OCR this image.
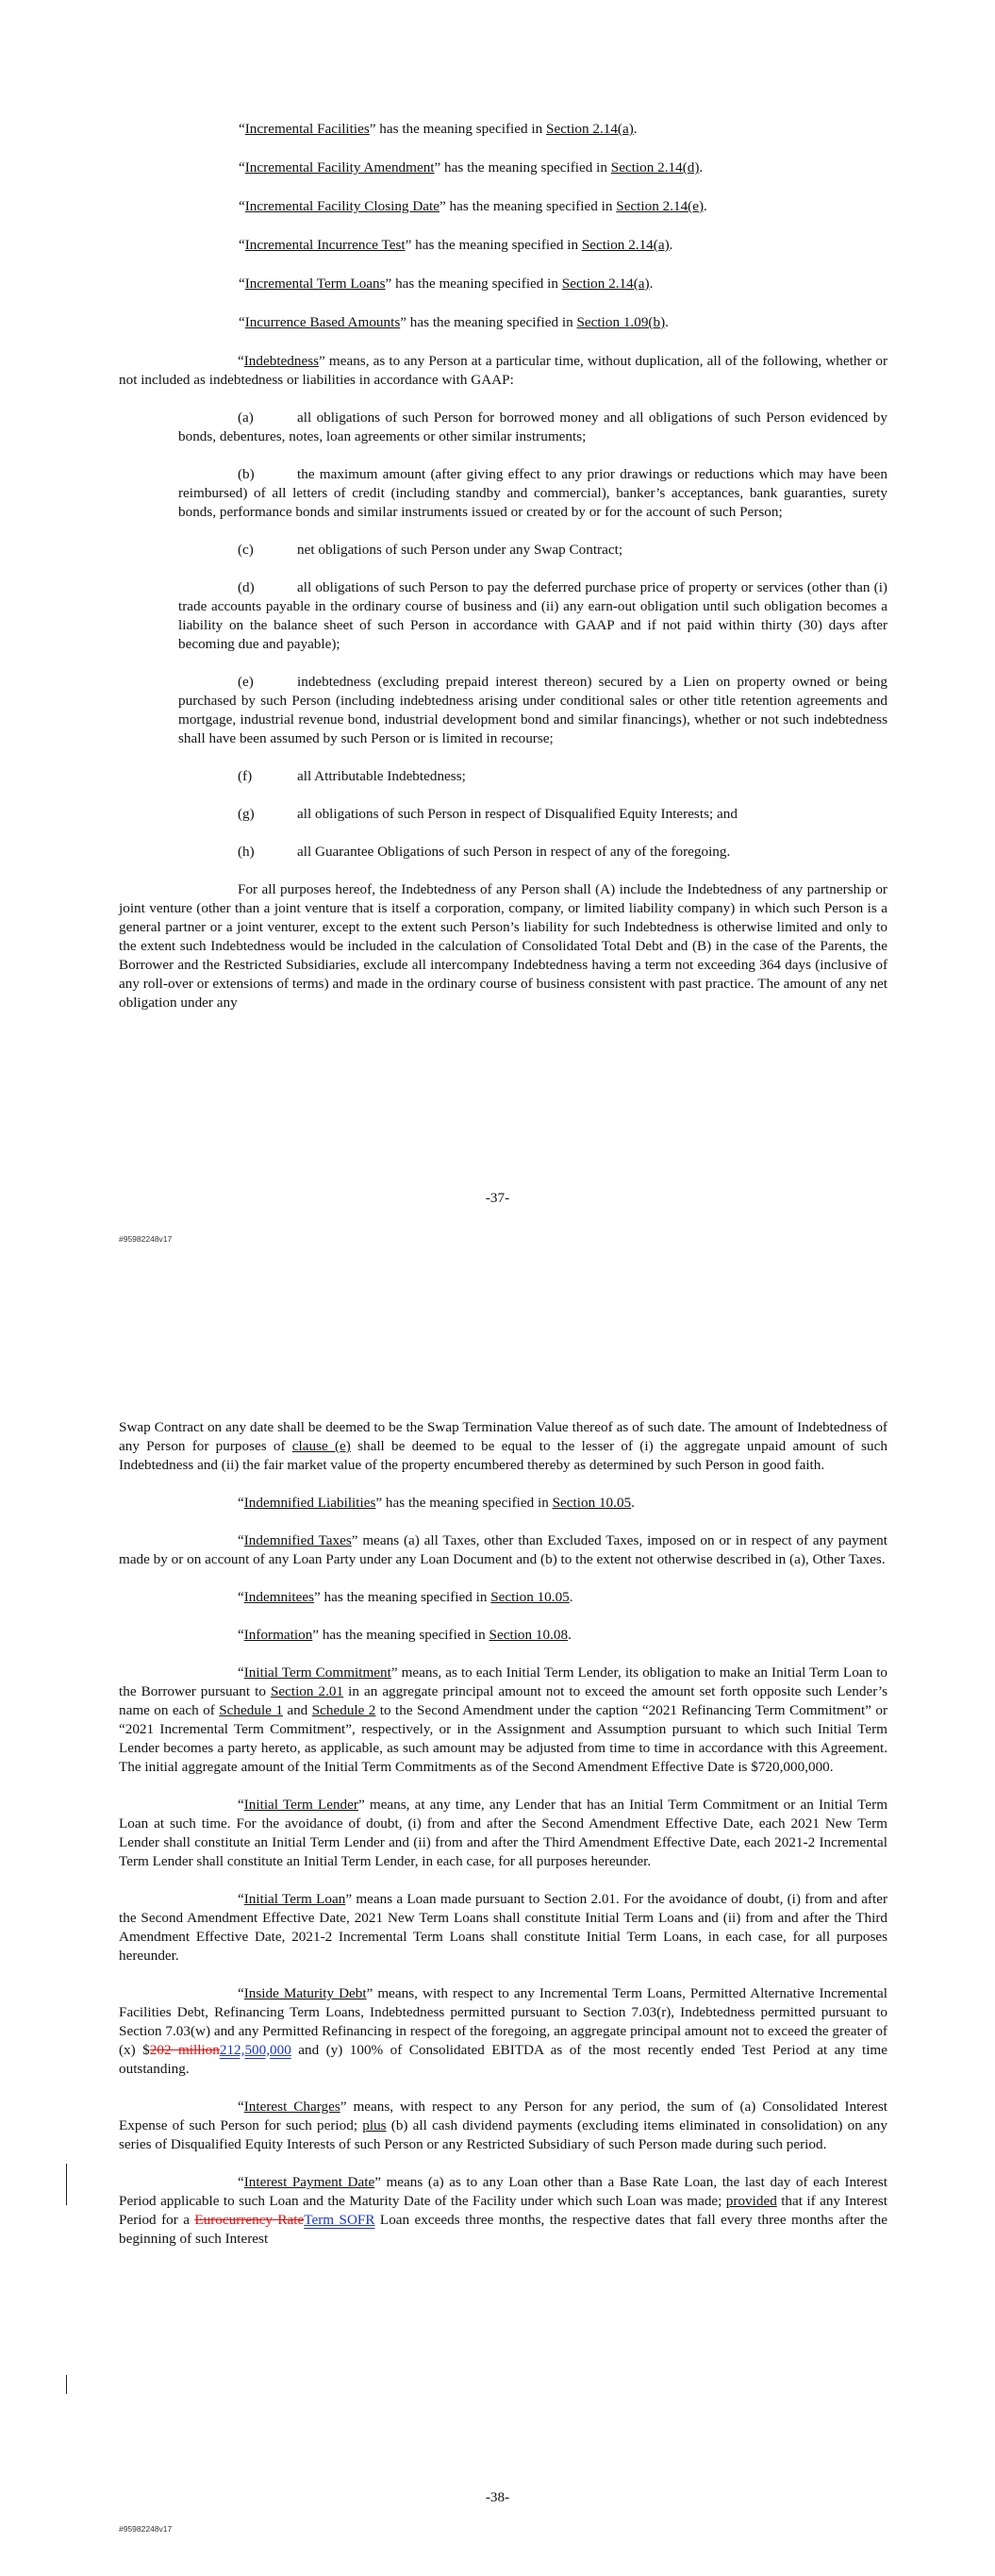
“Incremental Facilities” has the meaning specified in Section 2.14(a).

“Incremental Facility Amendment” has the meaning specified in Section 2.14(d).

“Incremental Facility Closing Date” has the meaning specified in Section 2.14(e).

“Incremental Incurrence Test” has the meaning specified in Section 2.14(a).

“Incremental Term Loans” has the meaning specified in Section 2.14(a).

“Incurrence Based Amounts” has the meaning specified in Section 1.09(b).

“Indebtedness” means, as to any Person at a particular time, without duplication, all of the following, whether or not included as indebtedness or liabilities in accordance with GAAP:

(a)	all obligations of such Person for borrowed money and all obligations of such Person evidenced by bonds, debentures, notes, loan agreements or other similar instruments;

(b)	the maximum amount (after giving effect to any prior drawings or reductions which may have been reimbursed) of all letters of credit (including standby and commercial), banker’s acceptances, bank guaranties, surety bonds, performance bonds and similar instruments issued or created by or for the account of such Person;

(c)	net obligations of such Person under any Swap Contract;

(d)	all obligations of such Person to pay the deferred purchase price of property or services (other than (i) trade accounts payable in the ordinary course of business and (ii) any earn-out obligation until such obligation becomes a liability on the balance sheet of such Person in accordance with GAAP and if not paid within thirty (30) days after becoming due and payable);

(e)	indebtedness (excluding prepaid interest thereon) secured by a Lien on property owned or being purchased by such Person (including indebtedness arising under conditional sales or other title retention agreements and mortgage, industrial revenue bond, industrial development bond and similar financings), whether or not such indebtedness shall have been assumed by such Person or is limited in recourse;

(f)	all Attributable Indebtedness;

(g)	all obligations of such Person in respect of Disqualified Equity Interests; and

(h)	all Guarantee Obligations of such Person in respect of any of the foregoing.

For all purposes hereof, the Indebtedness of any Person shall (A) include the Indebtedness of any partnership or joint venture (other than a joint venture that is itself a corporation, company, or limited liability company) in which such Person is a general partner or a joint venturer, except to the extent such Person’s liability for such Indebtedness is otherwise limited and only to the extent such Indebtedness would be included in the calculation of Consolidated Total Debt and (B) in the case of the Parents, the Borrower and the Restricted Subsidiaries, exclude all intercompany Indebtedness having a term not exceeding 364 days (inclusive of any roll-over or extensions of terms) and made in the ordinary course of business consistent with past practice. The amount of any net obligation under any

-37-
#95982248v17

Swap Contract on any date shall be deemed to be the Swap Termination Value thereof as of such date. The amount of Indebtedness of any Person for purposes of clause (e) shall be deemed to be equal to the lesser of (i) the aggregate unpaid amount of such Indebtedness and (ii) the fair market value of the property encumbered thereby as determined by such Person in good faith.

“Indemnified Liabilities” has the meaning specified in Section 10.05.

“Indemnified Taxes” means (a) all Taxes, other than Excluded Taxes, imposed on or in respect of any payment made by or on account of any Loan Party under any Loan Document and (b) to the extent not otherwise described in (a), Other Taxes.

“Indemnitees” has the meaning specified in Section 10.05.

“Information” has the meaning specified in Section 10.08.

“Initial Term Commitment” means, as to each Initial Term Lender, its obligation to make an Initial Term Loan to the Borrower pursuant to Section 2.01 in an aggregate principal amount not to exceed the amount set forth opposite such Lender’s name on each of Schedule 1 and Schedule 2 to the Second Amendment under the caption “2021 Refinancing Term Commitment” or “2021 Incremental Term Commitment”, respectively, or in the Assignment and Assumption pursuant to which such Initial Term Lender becomes a party hereto, as applicable, as such amount may be adjusted from time to time in accordance with this Agreement. The initial aggregate amount of the Initial Term Commitments as of the Second Amendment Effective Date is $720,000,000.

“Initial Term Lender” means, at any time, any Lender that has an Initial Term Commitment or an Initial Term Loan at such time. For the avoidance of doubt, (i) from and after the Second Amendment Effective Date, each 2021 New Term Lender shall constitute an Initial Term Lender and (ii) from and after the Third Amendment Effective Date, each 2021-2 Incremental Term Lender shall constitute an Initial Term Lender, in each case, for all purposes hereunder.

“Initial Term Loan” means a Loan made pursuant to Section 2.01. For the avoidance of doubt, (i) from and after the Second Amendment Effective Date, 2021 New Term Loans shall constitute Initial Term Loans and (ii) from and after the Third Amendment Effective Date, 2021-2 Incremental Term Loans shall constitute Initial Term Loans, in each case, for all purposes hereunder.

“Inside Maturity Debt” means, with respect to any Incremental Term Loans, Permitted Alternative Incremental Facilities Debt, Refinancing Term Loans, Indebtedness permitted pursuant to Section 7.03(r), Indebtedness permitted pursuant to Section 7.03(w) and any Permitted Refinancing in respect of the foregoing, an aggregate principal amount not to exceed the greater of (x) $202 million212,500,000 and (y) 100% of Consolidated EBITDA as of the most recently ended Test Period at any time outstanding.

“Interest Charges” means, with respect to any Person for any period, the sum of (a) Consolidated Interest Expense of such Person for such period; plus (b) all cash dividend payments (excluding items eliminated in consolidation) on any series of Disqualified Equity Interests of such Person or any Restricted Subsidiary of such Person made during such period.

“Interest Payment Date” means (a) as to any Loan other than a Base Rate Loan, the last day of each Interest Period applicable to such Loan and the Maturity Date of the Facility under which such Loan was made; provided that if any Interest Period for a Eurocurrency RateTerm SOFR Loan exceeds three months, the respective dates that fall every three months after the beginning of such Interest

-38-
#95982248v17
